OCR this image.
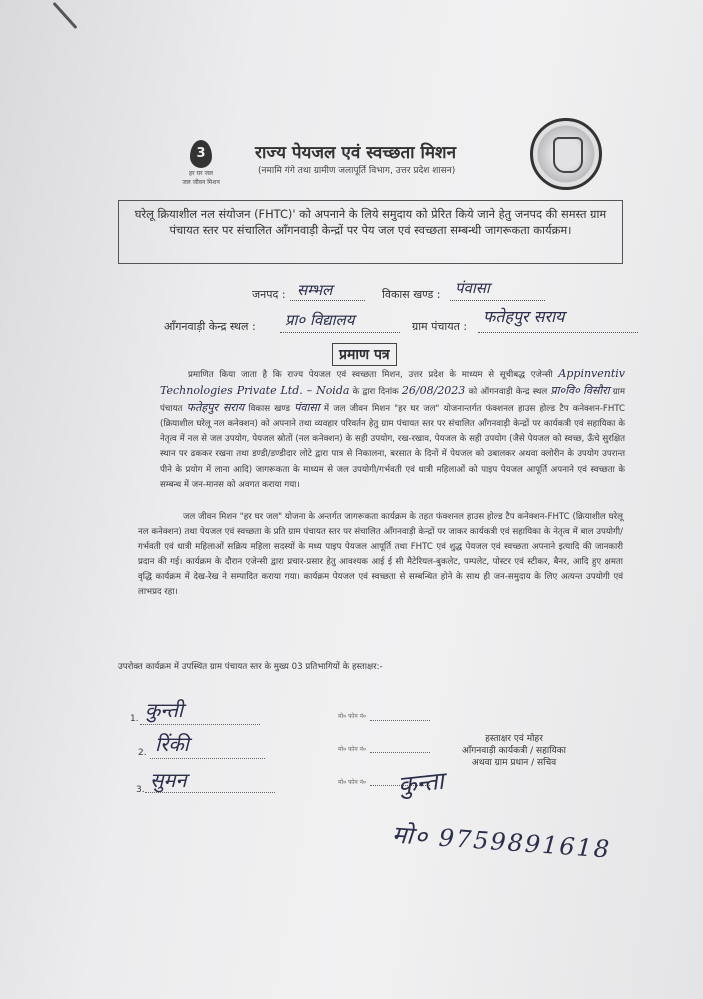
3
हर घर जल
जल जीवन मिशन
राज्य पेयजल एवं स्वच्छता मिशन
(नमामि गंगे तथा ग्रामीण जलापूर्ति विभाग, उत्तर प्रदेश शासन)
घरेलू क्रियाशील नल संयोजन (FHTC)' को अपनाने के लिये समुदाय को प्रेरित किये जाने हेतु जनपद की समस्त ग्राम पंचायत स्तर पर संचालित आँगनवाड़ी केन्द्रों पर पेय जल एवं स्वच्छता सम्बन्धी जागरूकता कार्यक्रम।
जनपद : सम्भल	विकास खण्ड : पंवासा
आँगनवाड़ी केन्द्र स्थल : प्रा० विद्यालय	ग्राम पंचायत :
फतेहपुर सराय
प्रमाण पत्र
प्रमाणित किया जाता है कि राज्य पेयजल एवं स्वच्छता मिशन, उत्तर प्रदेश के माध्यम से सूचीबद्ध एजेन्सी Appinventiv Technologies Private Ltd. – Noida के द्वारा दिनांक 26/08/2023 को ऑगनवाड़ी केन्द्र स्थल प्रा०वि० विसौरा ग्राम पंचायत फतेहपुर सराय विकास खण्ड पंवासा में जल जीवन मिशन "हर घर जल" योजनान्तर्गत फंक्शनल हाउस होल्ड टैप कनेक्शन-FHTC (क्रियाशील घरेलू नल कनेक्शन) को अपनाने तथा व्यवहार परिवर्तन हेतु ग्राम पंचायत स्तर पर संचालित आँगनवाड़ी केन्द्रों पर कार्यकत्री एवं सहायिका के नेतृत्व में नल से जल उपयोग, पेयजल स्रोतों (नल कनेक्शन) के सही उपयोग, रख-रखाव, पेयजल के सही उपयोग (जैसे पेयजल को स्वच्छ, ऊँचे सुरक्षित स्थान पर ढककर रखना तथा डण्डी/डण्डीदार लोटे द्वारा पात्र से निकालना, बरसात के दिनों में पेयजल को उबालकर अथवा क्लोरीन के उपयोग उपरान्त पीने के प्रयोग में लाना आदि) जागरूकता के माध्यम से जल उपयोगी/गर्भवती एवं धात्री महिलाओं को पाइप पेयजल आपूर्ति अपनाने एवं स्वच्छता के सम्बन्ध में जन-मानस को अवगत कराया गया।
जल जीवन मिशन "हर घर जल" योजना के अन्तर्गत जागरूकता कार्यक्रम के तहत फंक्शनल हाउस होल्ड टैप कनेक्शन-FHTC (क्रियाशील घरेलू नल कनेक्शन) तथा पेयजल एवं स्वच्छता के प्रति ग्राम पंचायत स्तर पर संचालित आँगनवाड़ी केन्द्रों पर जाकर कार्यकत्री एवं सहायिका के नेतृत्व में बाल उपयोगी/गर्भवती एवं धात्री महिलाओं सक्रिय महिला सदस्यों के मध्य पाइप पेयजल आपूर्ति तथा FHTC एवं शुद्ध पेयजल एवं स्वच्छता अपनाने इत्यादि की जानकारी प्रदान की गई। कार्यक्रम के दौरान एजेन्सी द्वारा प्रचार-प्रसार हेतु आवश्यक आई ई सी मैटेरियल-बुकलेट, पम्पलेट, पोस्टर एवं स्टीकर, बैनर, आदि हुए क्षमता वृद्धि कार्यक्रम में देख-रेख ने सम्पादित कराया गया। कार्यक्रम पेयजल एवं स्वच्छता से सम्बन्धित होने के साथ ही जन-समुदाय के लिए अत्यन्त उपयोगी एवं लाभप्रद रहा।
उपरोक्त कार्यक्रम में उपस्थित ग्राम पंचायत स्तर के मुख्य 03 प्रतिभागियों के हस्ताक्षर:-
1. कुन्ती	मो० फोन नं०
2. रिंकी	मो० फोन नं०
3. सुमन	मो० फोन नं०
हस्ताक्षर एवं मोहर
आँगनवाड़ी कार्यकत्री / सहायिका
अथवा ग्राम प्रधान / सचिव
कुन्ता
मो० 9759891618
